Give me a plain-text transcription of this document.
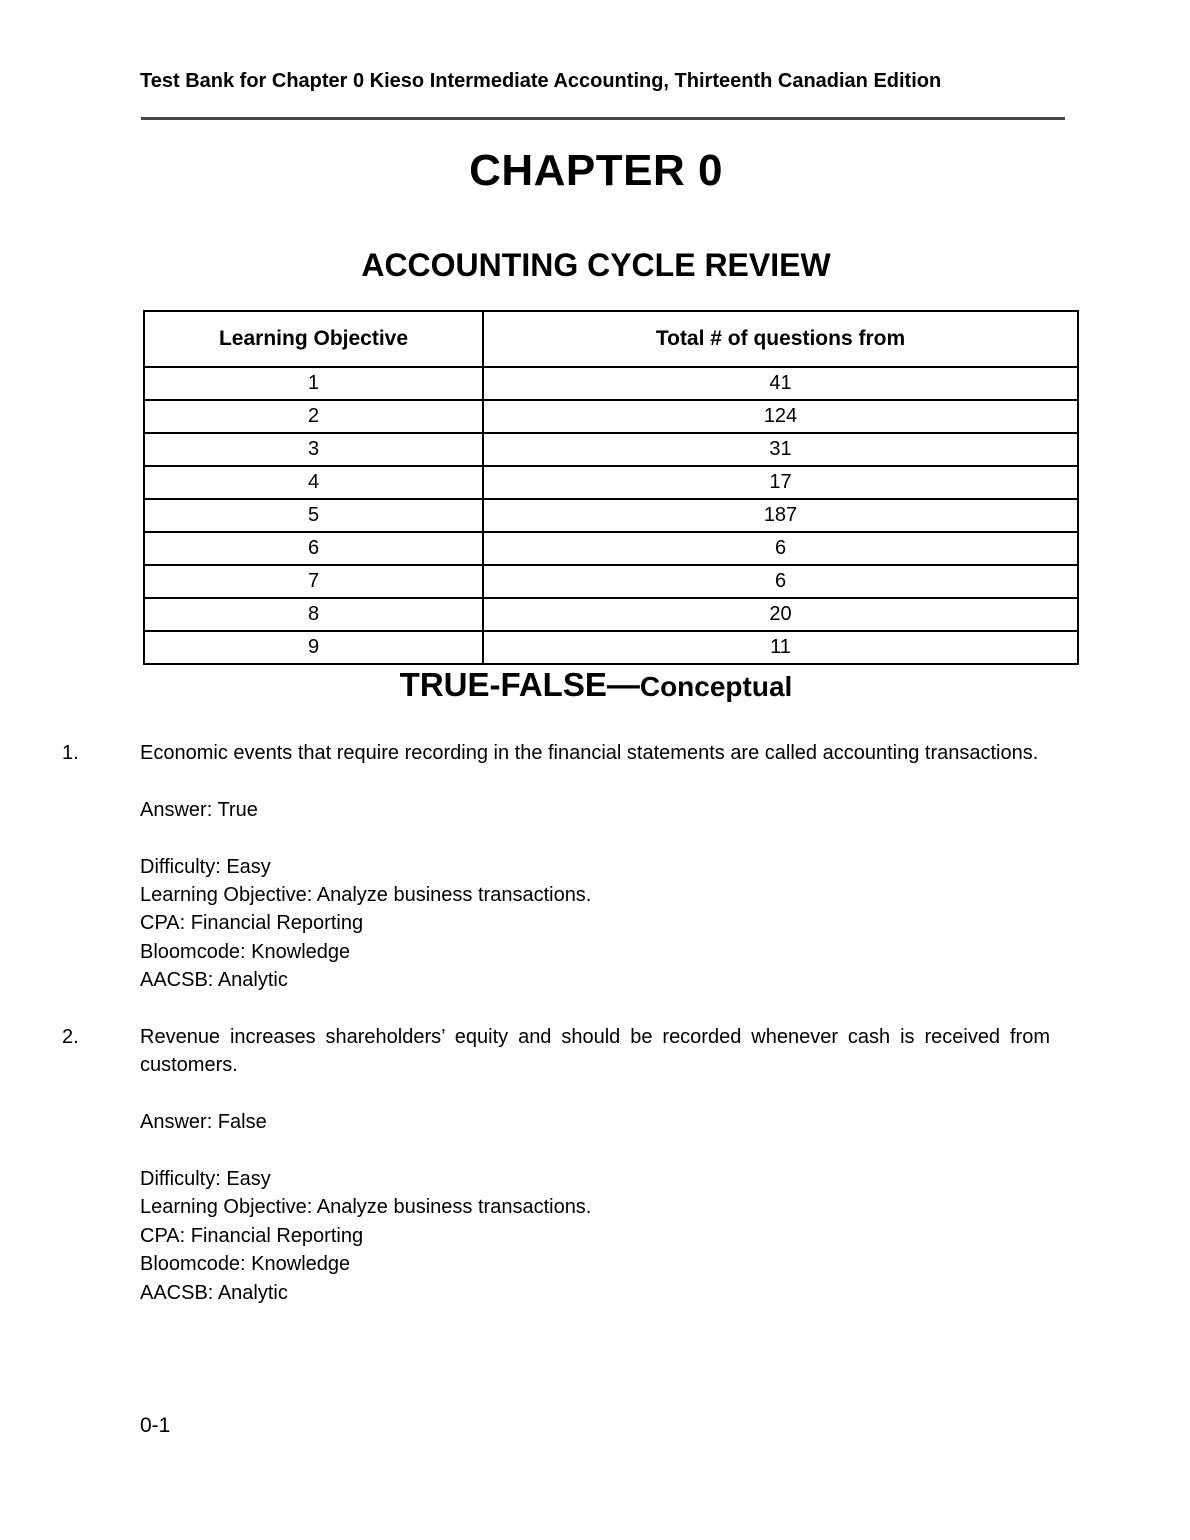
Test Bank for Chapter 0 Kieso Intermediate Accounting, Thirteenth Canadian Edition
CHAPTER 0
ACCOUNTING CYCLE REVIEW
Learning Objective	Total # of questions from
1	41
2	124
3	31
4	17
5	187
6	6
7	6
8	20
9	11
TRUE-FALSE—Conceptual
1.	Economic events that require recording in the financial statements are called accounting transactions.

Answer: True
Difficulty: Easy
Learning Objective: Analyze business transactions.
CPA: Financial Reporting
Bloomcode: Knowledge
AACSB: Analytic
2.	Revenue increases shareholders’ equity and should be recorded whenever cash is received from customers.

Answer: False
Difficulty: Easy
Learning Objective: Analyze business transactions.
CPA: Financial Reporting
Bloomcode: Knowledge
AACSB: Analytic
0-1
